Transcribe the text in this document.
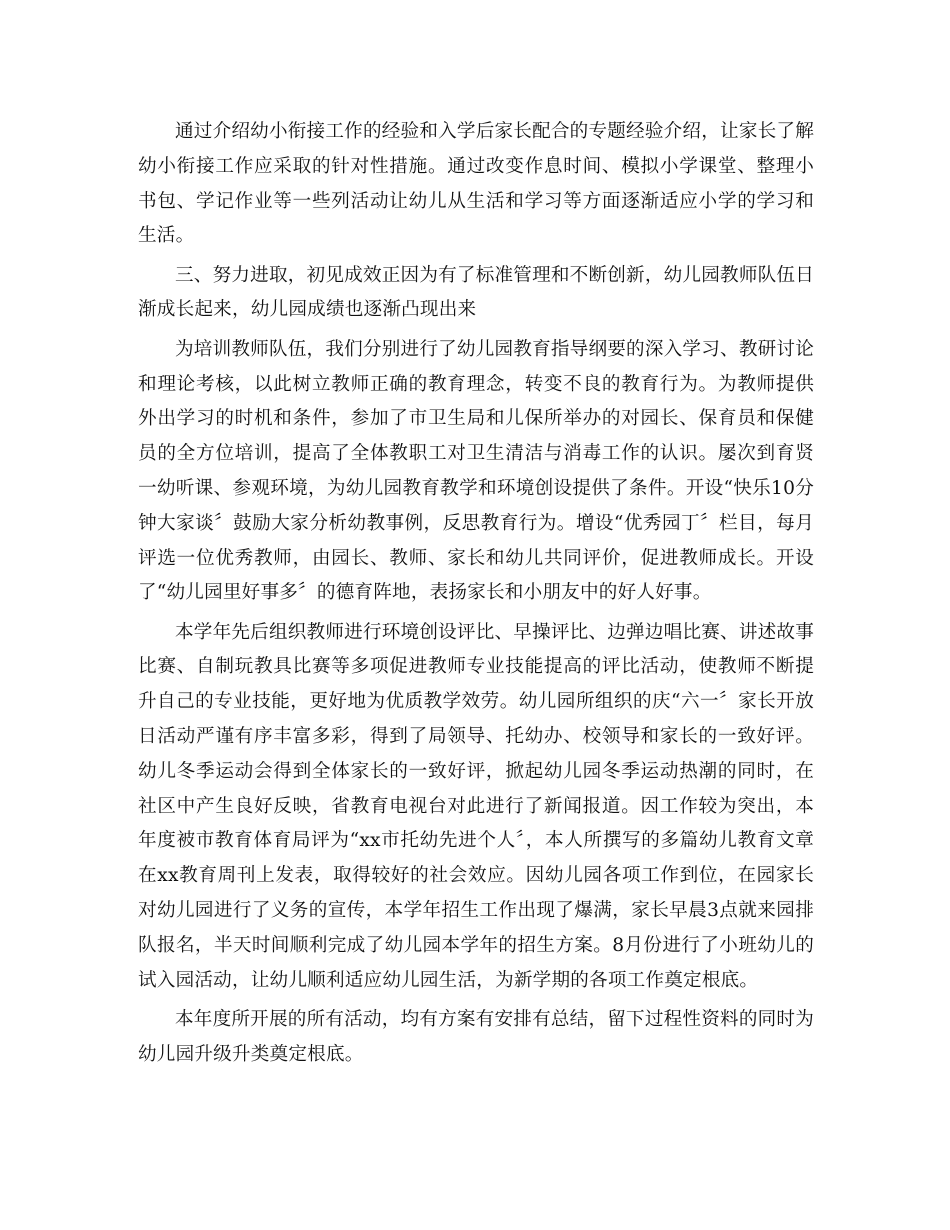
通过介绍幼小衔接工作的经验和入学后家长配合的专题经验介绍，让家长了解幼小衔接工作应采取的针对性措施。通过改变作息时间、模拟小学课堂、整理小书包、学记作业等一些列活动让幼儿从生活和学习等方面逐渐适应小学的学习和生活。

三、努力进取，初见成效正因为有了标准管理和不断创新，幼儿园教师队伍日渐成长起来，幼儿园成绩也逐渐凸现出来

为培训教师队伍，我们分别进行了幼儿园教育指导纲要的深入学习、教研讨论和理论考核，以此树立教师正确的教育理念，转变不良的教育行为。为教师提供外出学习的时机和条件，参加了市卫生局和儿保所举办的对园长、保育员和保健员的全方位培训，提高了全体教职工对卫生清洁与消毒工作的认识。屡次到育贤一幼听课、参观环境，为幼儿园教育教学和环境创设提供了条件。开设“快乐10分钟大家谈〞鼓励大家分析幼教事例，反思教育行为。增设“优秀园丁〞栏目，每月评选一位优秀教师，由园长、教师、家长和幼儿共同评价，促进教师成长。开设了“幼儿园里好事多〞的德育阵地，表扬家长和小朋友中的好人好事。

本学年先后组织教师进行环境创设评比、早操评比、边弹边唱比赛、讲述故事比赛、自制玩教具比赛等多项促进教师专业技能提高的评比活动，使教师不断提升自己的专业技能，更好地为优质教学效劳。幼儿园所组织的庆“六一〞家长开放日活动严谨有序丰富多彩，得到了局领导、托幼办、校领导和家长的一致好评。幼儿冬季运动会得到全体家长的一致好评，掀起幼儿园冬季运动热潮的同时，在社区中产生良好反映，省教育电视台对此进行了新闻报道。因工作较为突出，本年度被市教育体育局评为“xx市托幼先进个人〞，本人所撰写的多篇幼儿教育文章在xx教育周刊上发表，取得较好的社会效应。因幼儿园各项工作到位，在园家长对幼儿园进行了义务的宣传，本学年招生工作出现了爆满，家长早晨3点就来园排队报名，半天时间顺利完成了幼儿园本学年的招生方案。8月份进行了小班幼儿的试入园活动，让幼儿顺利适应幼儿园生活，为新学期的各项工作奠定根底。

本年度所开展的所有活动，均有方案有安排有总结，留下过程性资料的同时为幼儿园升级升类奠定根底。
